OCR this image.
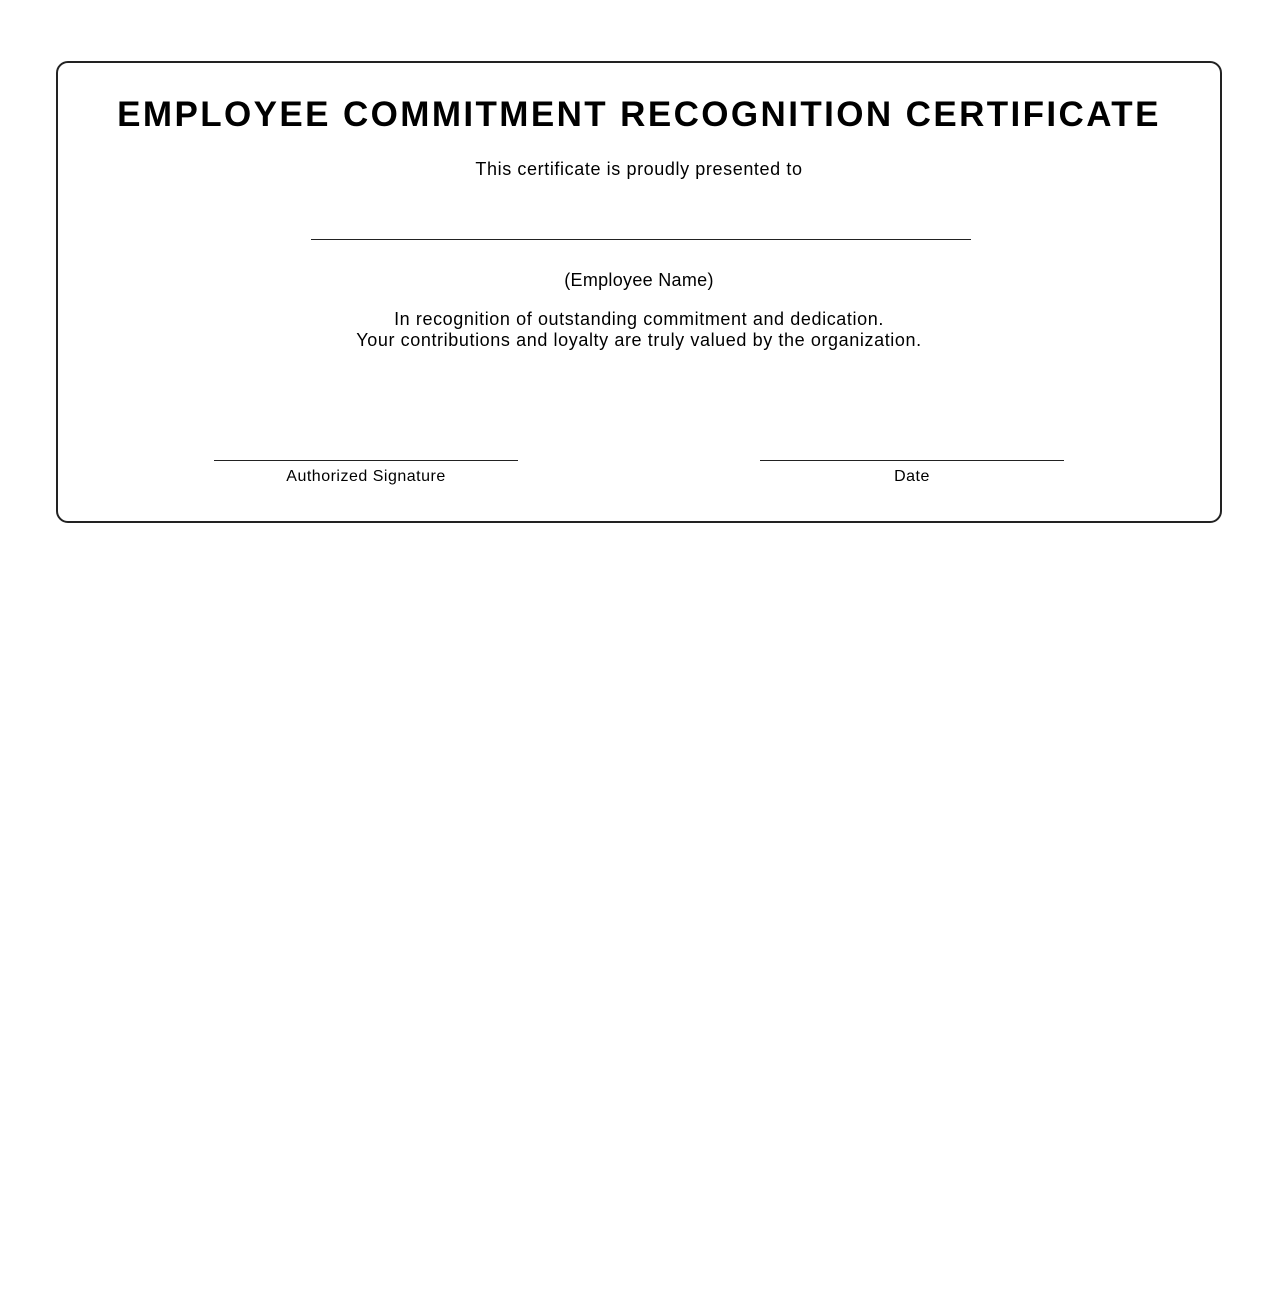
EMPLOYEE COMMITMENT RECOGNITION CERTIFICATE
This certificate is proudly presented to
(Employee Name)
In recognition of outstanding commitment and dedication.
Your contributions and loyalty are truly valued by the organization.
Authorized Signature	Date
